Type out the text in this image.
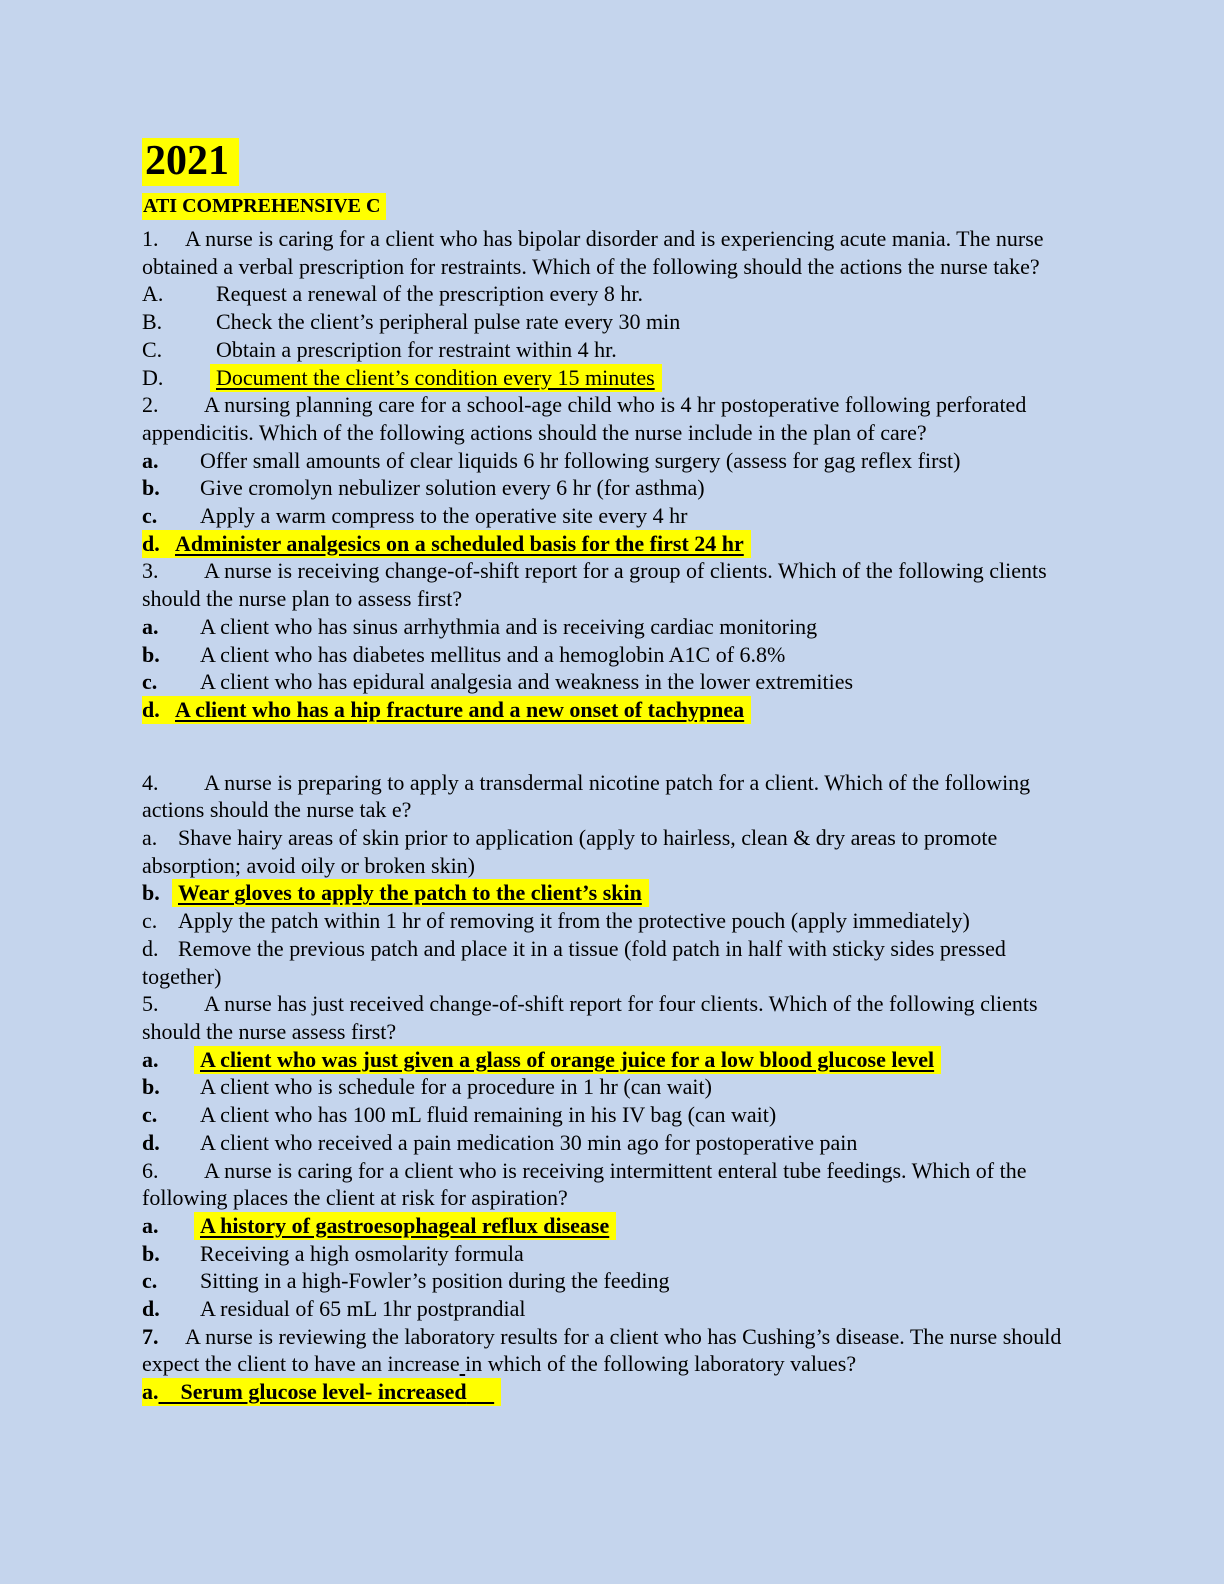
2021
ATI COMPREHENSIVE C

1. A nurse is caring for a client who has bipolar disorder and is experiencing acute mania. The nurse obtained a verbal prescription for restraints. Which of the following should the actions the nurse take?

A. Request a renewal of the prescription every 8 hr.

B. Check the client’s peripheral pulse rate every 30 min

C. Obtain a prescription for restraint within 4 hr.

D. Document the client’s condition every 15 minutes

2. A nursing planning care for a school-age child who is 4 hr postoperative following perforated appendicitis. Which of the following actions should the nurse include in the plan of care?

a. Offer small amounts of clear liquids 6 hr following surgery (assess for gag reflex first)

b. Give cromolyn nebulizer solution every 6 hr (for asthma)

c. Apply a warm compress to the operative site every 4 hr

d. Administer analgesics on a scheduled basis for the first 24 hr

3. A nurse is receiving change-of-shift report for a group of clients. Which of the following clients should the nurse plan to assess first?

a. A client who has sinus arrhythmia and is receiving cardiac monitoring

b. A client who has diabetes mellitus and a hemoglobin A1C of 6.8%

c. A client who has epidural analgesia and weakness in the lower extremities

d. A client who has a hip fracture and a new onset of tachypnea

4. A nurse is preparing to apply a transdermal nicotine patch for a client. Which of the following actions should the nurse tak e?

a. Shave hairy areas of skin prior to application (apply to hairless, clean & dry areas to promote absorption; avoid oily or broken skin)

b. Wear gloves to apply the patch to the client’s skin

c. Apply the patch within 1 hr of removing it from the protective pouch (apply immediately)

d. Remove the previous patch and place it in a tissue (fold patch in half with sticky sides pressed together)

5. A nurse has just received change-of-shift report for four clients. Which of the following clients should the nurse assess first?

a. A client who was just given a glass of orange juice for a low blood glucose level

b. A client who is schedule for a procedure in 1 hr (can wait)

c. A client who has 100 mL fluid remaining in his IV bag (can wait)

d. A client who received a pain medication 30 min ago for postoperative pain

6. A nurse is caring for a client who is receiving intermittent enteral tube feedings. Which of the following places the client at risk for aspiration?

a. A history of gastroesophageal reflux disease

b. Receiving a high osmolarity formula

c. Sitting in a high-Fowler’s position during the feeding

d. A residual of 65 mL 1hr postprandial

7. A nurse is reviewing the laboratory results for a client who has Cushing’s disease. The nurse should expect the client to have an increase in which of the following laboratory values?

a. Serum glucose level- increased
